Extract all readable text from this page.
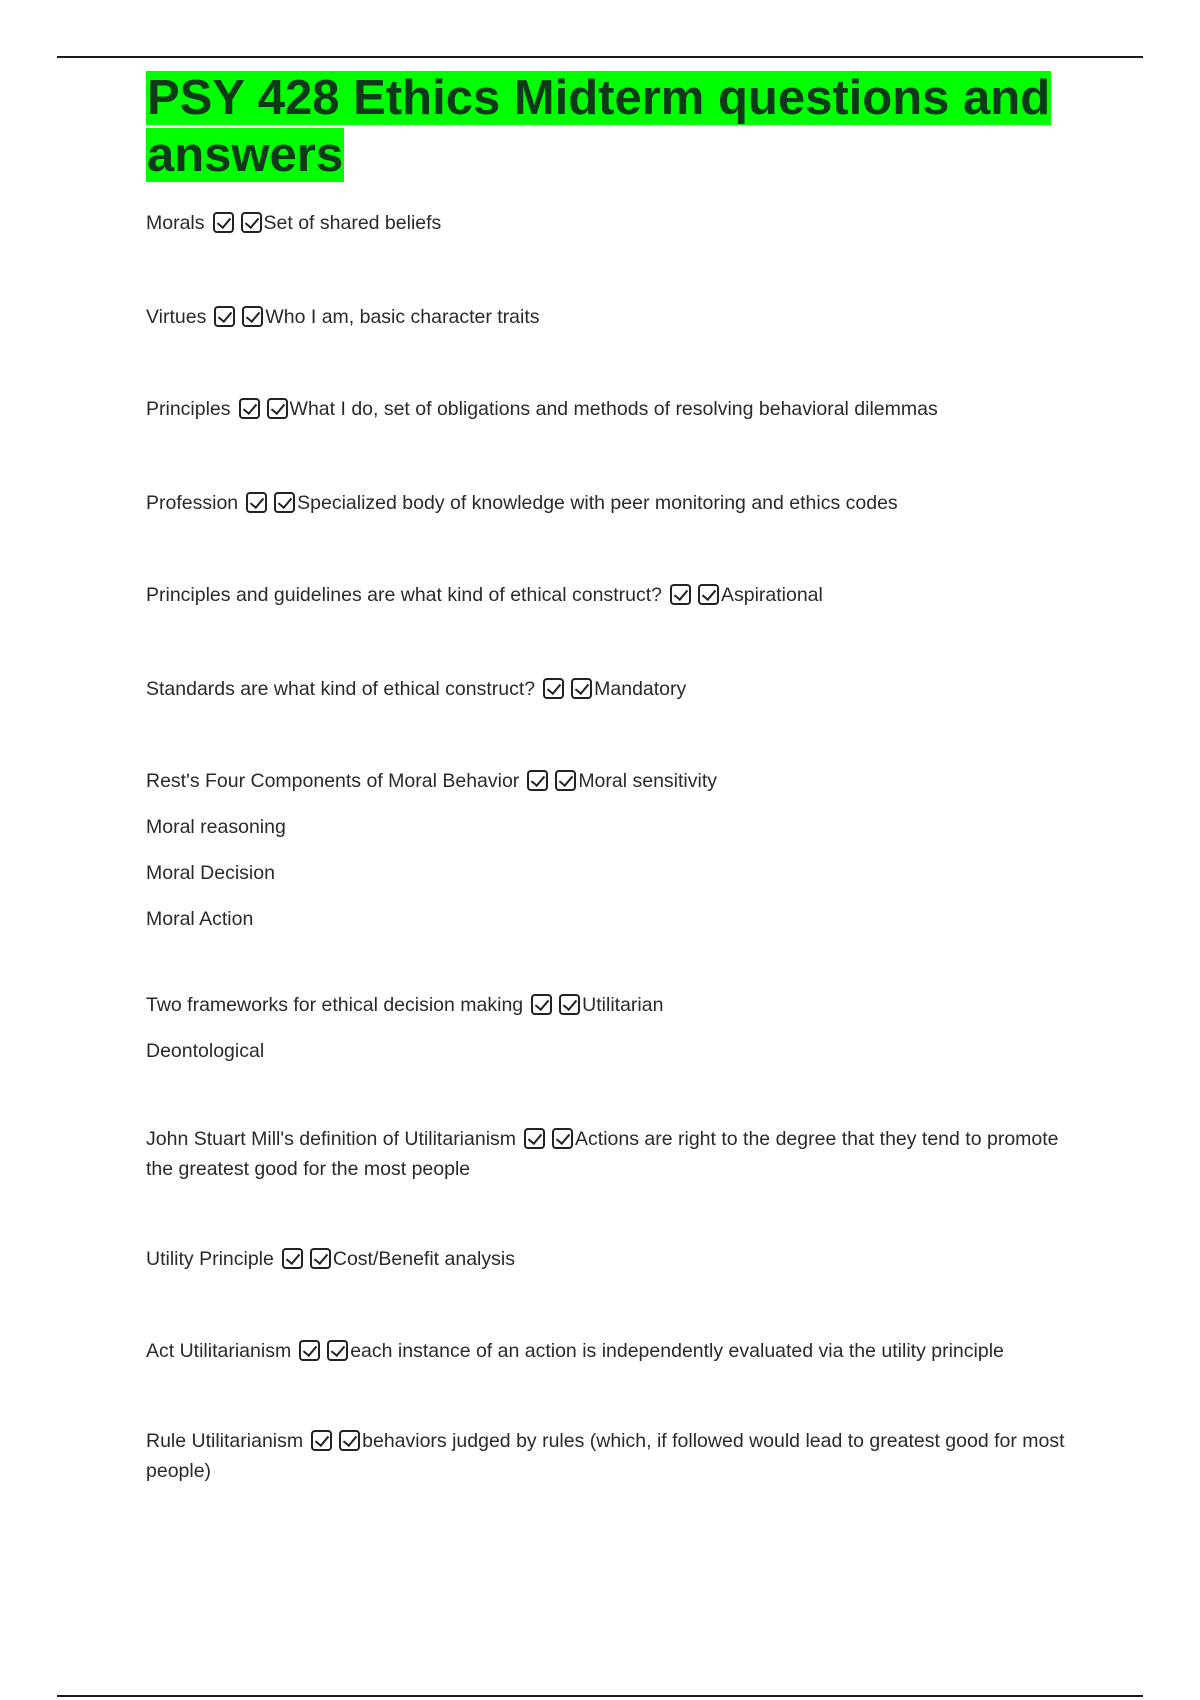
PSY 428 Ethics Midterm questions and answers

Morals	Set of shared beliefs

Virtues	Who I am, basic character traits

Principles	What I do, set of obligations and methods of resolving behavioral dilemmas

Profession	Specialized body of knowledge with peer monitoring and ethics codes

Principles and guidelines are what kind of ethical construct?	Aspirational

Standards are what kind of ethical construct?	Mandatory

Rest's Four Components of Moral Behavior	Moral sensitivity

Moral reasoning

Moral Decision

Moral Action

Two frameworks for ethical decision making	Utilitarian

Deontological

John Stuart Mill's definition of Utilitarianism	Actions are right to the degree that they tend to promote the greatest good for the most people

Utility Principle	Cost/Benefit analysis

Act Utilitarianism	each instance of an action is independently evaluated via the utility principle

Rule Utilitarianism	behaviors judged by rules (which, if followed would lead to greatest good for most people)
